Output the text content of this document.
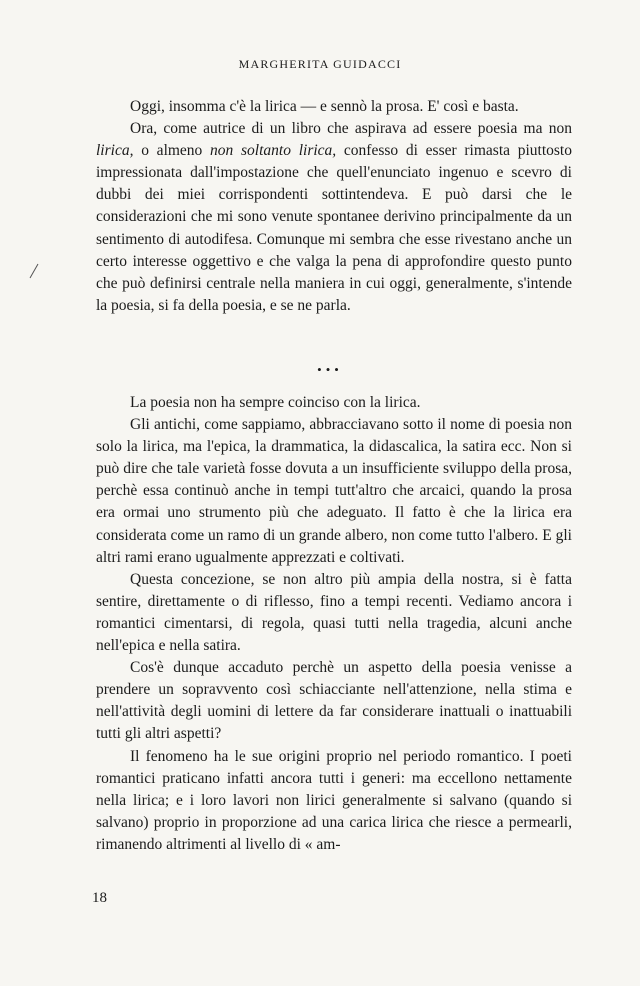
MARGHERITA GUIDACCI

Oggi, insomma c'è la lirica — e sennò la prosa. E' così e basta.

Ora, come autrice di un libro che aspirava ad essere poesia ma non lirica, o almeno non soltanto lirica, confesso di esser rimasta piuttosto impressionata dall'impostazione che quell'enunciato ingenuo e scevro di dubbi dei miei corrispondenti sottintendeva. E può darsi che le considerazioni che mi sono venute spontanee derivino principalmente da un sentimento di autodifesa. Comunque mi sembra che esse rivestano anche un certo interesse oggettivo e che valga la pena di approfondire questo punto che può definirsi centrale nella maniera in cui oggi, generalmente, s'intende la poesia, si fa della poesia, e se ne parla.

•••

La poesia non ha sempre coinciso con la lirica.

Gli antichi, come sappiamo, abbracciavano sotto il nome di poesia non solo la lirica, ma l'epica, la drammatica, la didascalica, la satira ecc. Non si può dire che tale varietà fosse dovuta a un insufficiente sviluppo della prosa, perchè essa continuò anche in tempi tutt'altro che arcaici, quando la prosa era ormai uno strumento più che adeguato. Il fatto è che la lirica era considerata come un ramo di un grande albero, non come tutto l'albero. E gli altri rami erano ugualmente apprezzati e coltivati.

Questa concezione, se non altro più ampia della nostra, si è fatta sentire, direttamente o di riflesso, fino a tempi recenti. Vediamo ancora i romantici cimentarsi, di regola, quasi tutti nella tragedia, alcuni anche nell'epica e nella satira.

Cos'è dunque accaduto perchè un aspetto della poesia venisse a prendere un sopravvento così schiacciante nell'attenzione, nella stima e nell'attività degli uomini di lettere da far considerare inattuali o inattuabili tutti gli altri aspetti?

Il fenomeno ha le sue origini proprio nel periodo romantico. I poeti romantici praticano infatti ancora tutti i generi: ma eccellono nettamente nella lirica; e i loro lavori non lirici generalmente si salvano (quando si salvano) proprio in proporzione ad una carica lirica che riesce a permearli, rimanendo altrimenti al livello di « am-

18
